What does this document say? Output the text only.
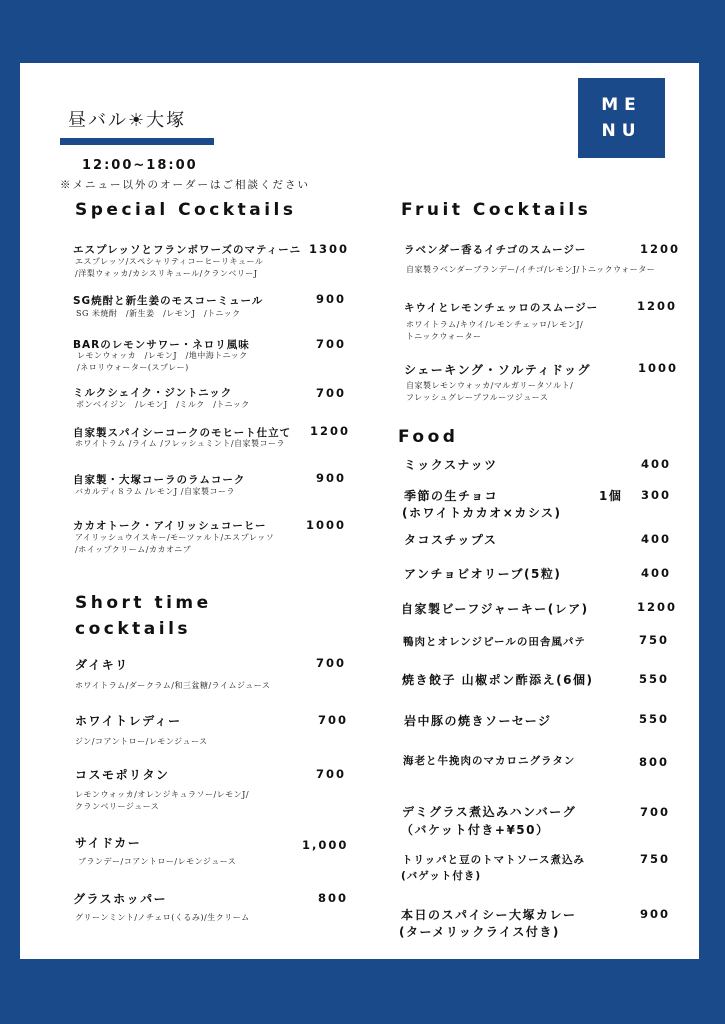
昼バル☀大塚
ME
NU
12:00~18:00
※メニュー以外のオーダーはご相談ください
Special Cocktails
エスプレッソとフランボワーズのマティーニ 1300
エスプレッソ/スペシャリティコーヒーリキュール
/洋梨ウォッカ/カシスリキュール/クランベリーJ
SG焼酎と新生姜のモスコーミュール	900
SG 米焼酎　/新生姜　/レモンJ　/トニック
BARのレモンサワー・ネロリ風味	700
レモンウォッカ　/レモンJ　/地中海トニック
/ネロリウォーター(スプレー)
ミルクシェイク・ジントニック	700
ボンベイジン　/レモンJ　/ミルク　/トニック
自家製スパイシーコークのモヒート仕立て 1200
ホワイトラム /ライム /フレッシュミント/自家製コーラ
自家製・大塚コーラのラムコーク	900
バカルディ８ラム /レモンJ /自家製コーラ
カカオトーク・アイリッシュコーヒー	1000
アイリッシュウイスキー/モーツァルト/エスプレッソ
/ホイップクリーム/カカオニブ
Short time
cocktails
ダイキリ	700
ホワイトラム/ダークラム/和三盆糖/ライムジュース
ホワイトレディー	700
ジン/コアントロー/レモンジュース
コスモポリタン	700
レモンウォッカ/オレンジキュラソー/レモンJ/
クランベリージュース
サイドカー	1,000
ブランデー/コアントロー/レモンジュース
グラスホッパー	800
グリーンミント/ノチェロ(くるみ)/生クリーム
Fruit Cocktails
ラベンダー香るイチゴのスムージー	1200
自家製ラベンダーブランデー/イチゴ/レモンJ/トニックウォーター
キウイとレモンチェッロのスムージー	1200
ホワイトラム/キウイ/レモンチェッロ/レモンJ/
トニックウォーター
シェーキング・ソルティドッグ	1000
自家製レモンウォッカ/マルガリータソルト/
フレッシュグレープフルーツジュース
Food
ミックスナッツ	400
季節の生チョコ
(ホワイトカカオ×カシス)
1個 300
タコスチップス	400
アンチョビオリーブ(5粒)	400
自家製ビーフジャーキー(レア)	1200
鴨肉とオレンジピールの田舎風パテ	750
焼き餃子 山椒ポン酢添え(6個)	550
岩中豚の焼きソーセージ	550
海老と牛挽肉のマカロニグラタン	800
デミグラス煮込みハンバーグ
（バケット付き+¥50）
700
トリッパと豆のトマトソース煮込み
(バゲット付き)
750
本日のスパイシー大塚カレー
(ターメリックライス付き)
900
